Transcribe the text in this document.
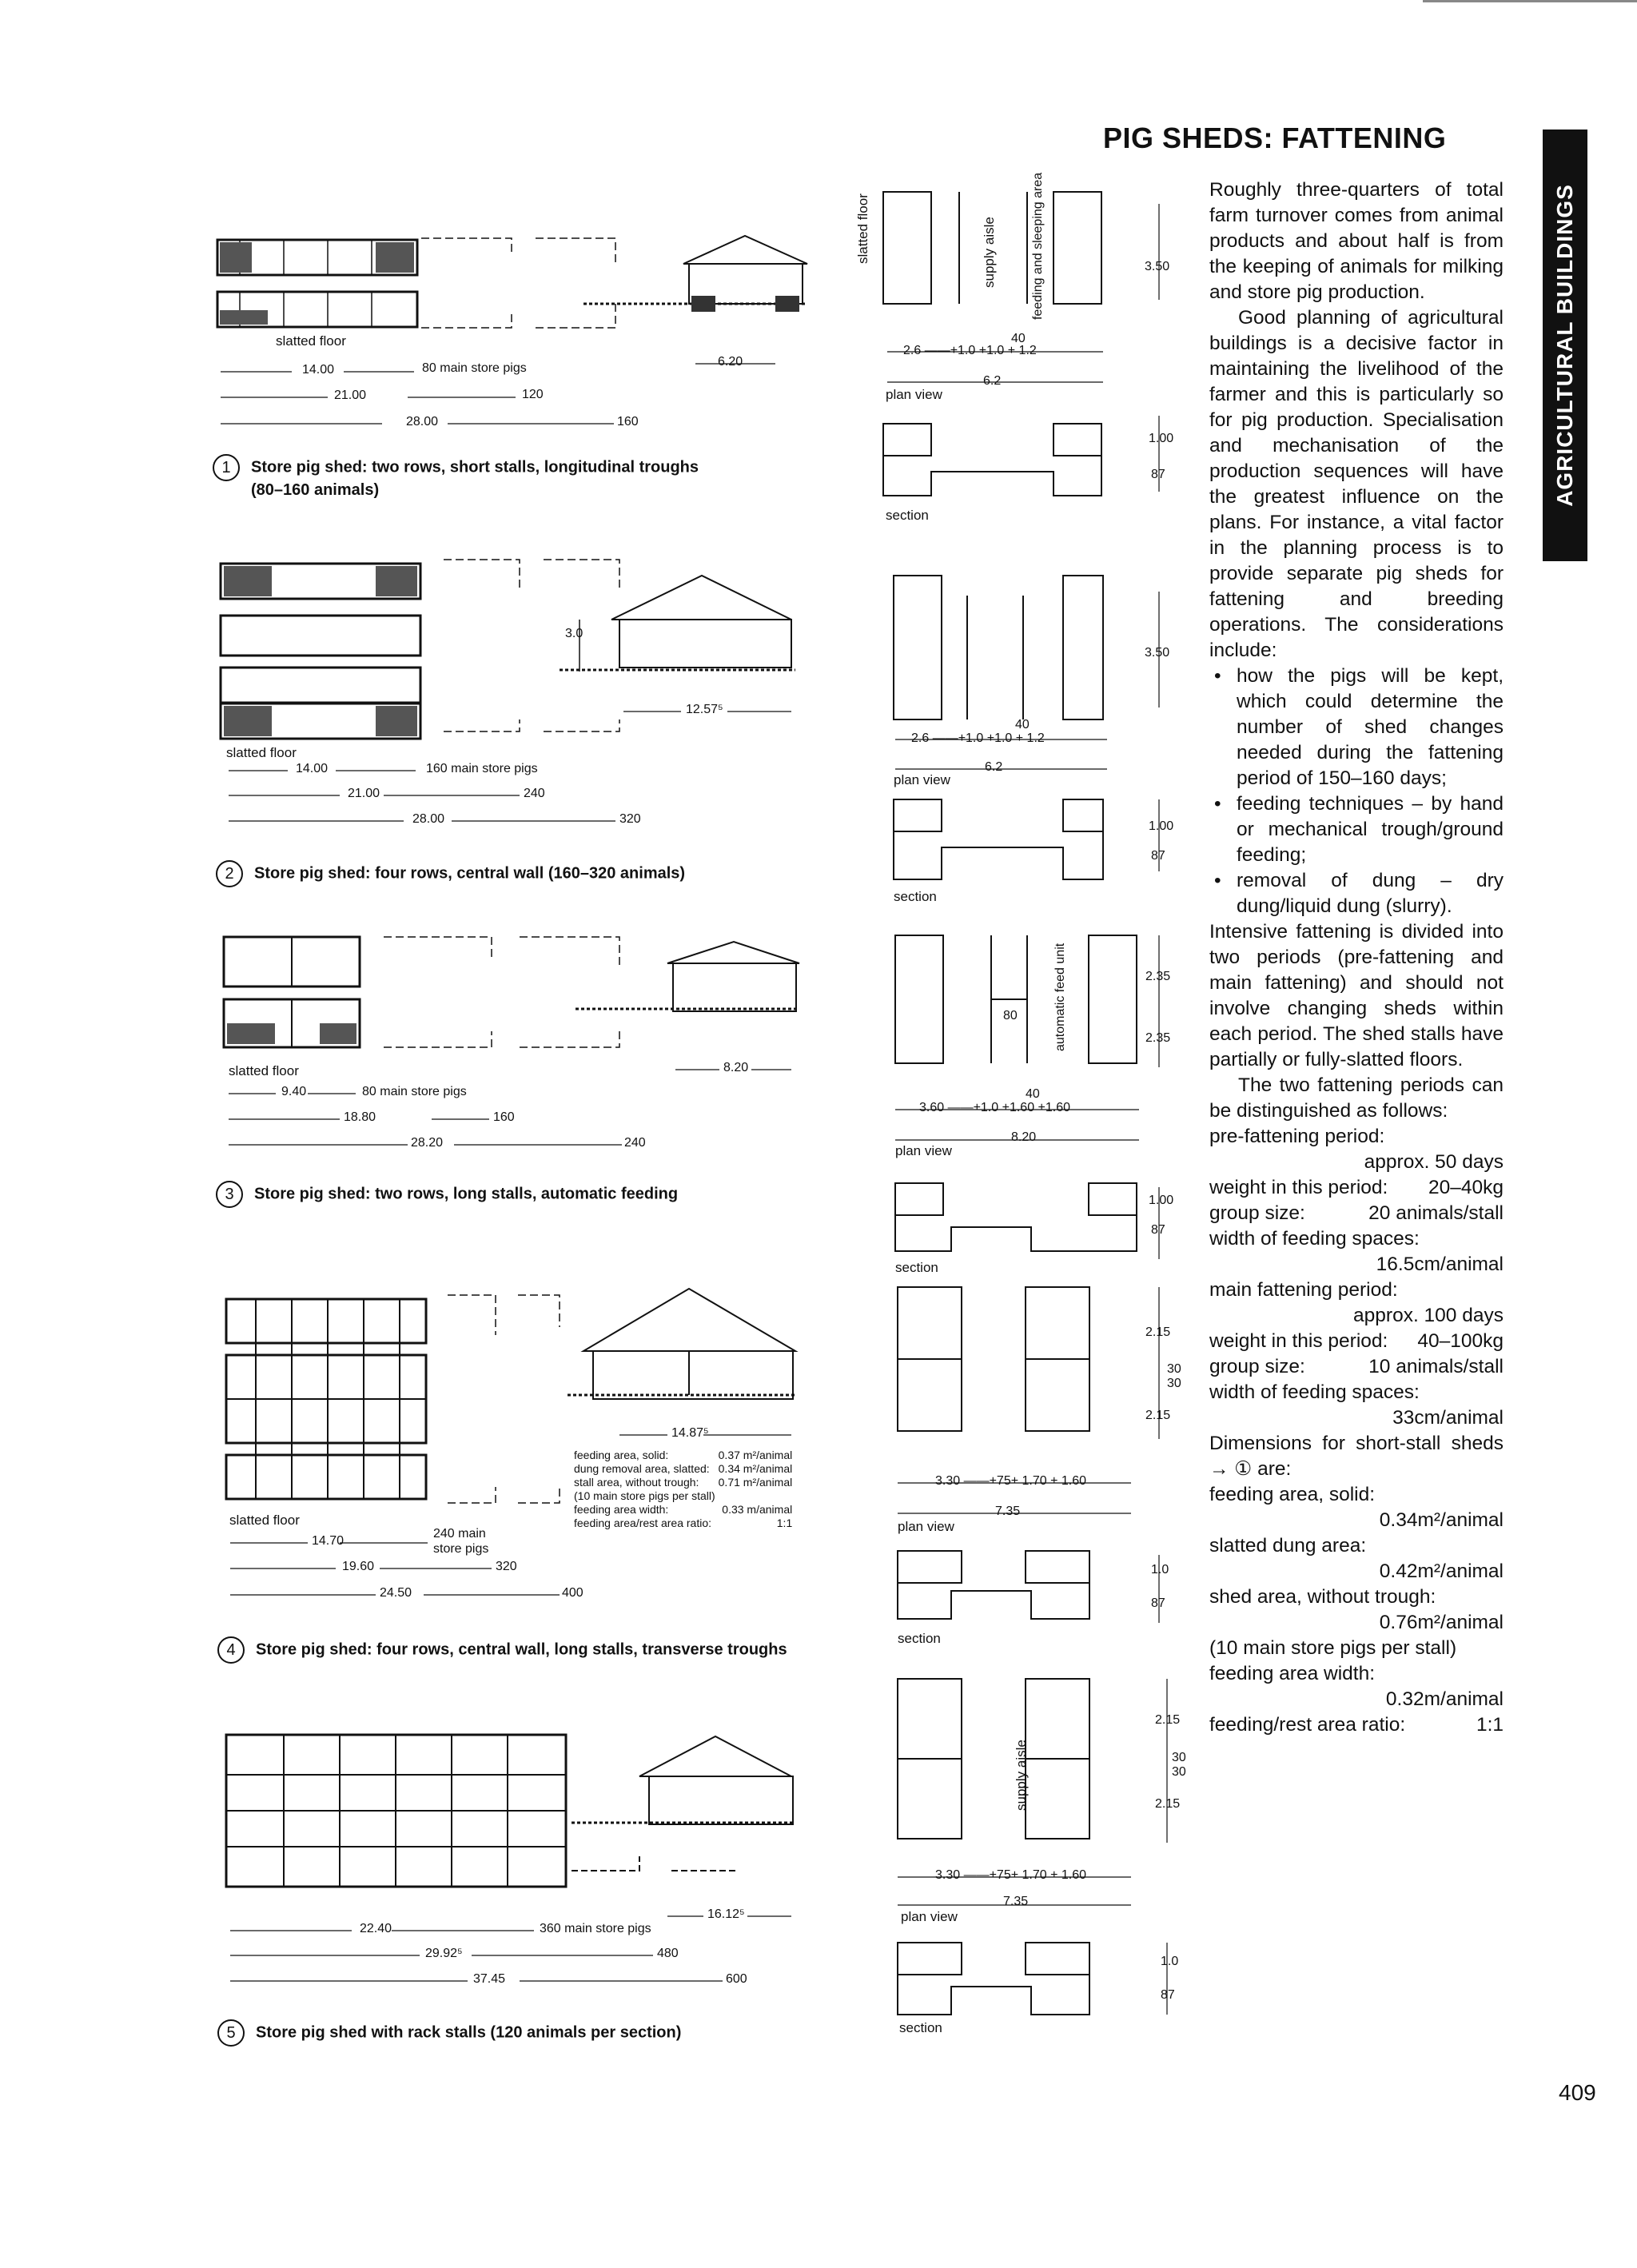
PIG SHEDS: FATTENING
AGRICULTURAL BUILDINGS
slatted floor
14.00	80 main store pigs
21.00	120
28.00	160
6.20
1 Store pig shed: two rows, short stalls, longitudinal troughs
(80–160 animals)
slatted floor
14.00	160 main store pigs
21.00	240
28.00	320
3.0
12.57⁵
2 Store pig shed: four rows, central wall (160–320 animals)
slatted floor
9.40	80 main store pigs
18.80	160
28.20	240
8.20
3 Store pig shed: two rows, long stalls, automatic feeding
slatted floor
14.70
240 main
store pigs
19.60	320
24.50	400
14.87⁵
feeding area, solid:	0.37 m²/animal
dung removal area, slatted:	0.34 m²/animal
stall area, without trough:	0.71 m²/animal
(10 main store pigs per stall)	
feeding area width:	0.33 m/animal
feeding area/rest area ratio:	1:1
4 Store pig shed: four rows, central wall, long stalls, transverse troughs
22.40	360 main store pigs
29.92⁵	480
37.45	600
16.12⁵
5 Store pig shed with rack stalls (120 animals per section)
slatted floor	supply aisle	feeding and sleeping area
40
2.6 ——+1.0 +1.0 + 1.2
6.2
plan view
3.50
1.00
87
section
40
2.6 ——+1.0 +1.0 + 1.2
6.2
plan view
3.50
1.00
87
section
automatic feed unit
80
40
3.60 ——+1.0 +1.60 +1.60
8.20
plan view
2.35
2.35
1.00
87
section
3.30 ——+75+ 1.70 + 1.60
7.35
plan view
2.15
30
30
2.15
1.0
87
section
supply aisle
3.30 ——+75+ 1.70 + 1.60
7.35
plan view
2.15
30
30
2.15
1.0
87
section

Roughly three-quarters of total farm turnover comes from animal products and about half is from the keeping of animals for milking and store pig production.

Good planning of agricultural buildings is a decisive factor in maintaining the livelihood of the farmer and this is particularly so for pig production. Specialisation and mechanisation of the production sequences will have the greatest influence on the plans. For instance, a vital factor in the planning process is to provide separate pig sheds for fattening and breeding operations. The considerations include:

• how the pigs will be kept, which could determine the number of shed changes needed during the fattening period of 150–160 days;
• feeding techniques – by hand or mechanical trough/ground feeding;
• removal of dung – dry dung/liquid dung (slurry).

Intensive fattening is divided into two periods (pre-fattening and main fattening) and should not involve changing sheds within each period. The shed stalls have partially or fully-slatted floors.

The two fattening periods can be distinguished as follows:

pre-fattening period:

approx. 50 days

weight in this period: 20–40kg
group size:	20 animals/stall

width of feeding spaces:

16.5cm/animal

main fattening period:

approx. 100 days

weight in this period: 40–100kg
group size:	10 animals/stall

width of feeding spaces:

33cm/animal

Dimensions for short-stall sheds → ① are:

feeding area, solid:

0.34m²/animal

slatted dung area:

0.42m²/animal

shed area, without trough:

0.76m²/animal

(10 main store pigs per stall)

feeding area width:

0.32m/animal

feeding/rest area ratio:	1:1
409
